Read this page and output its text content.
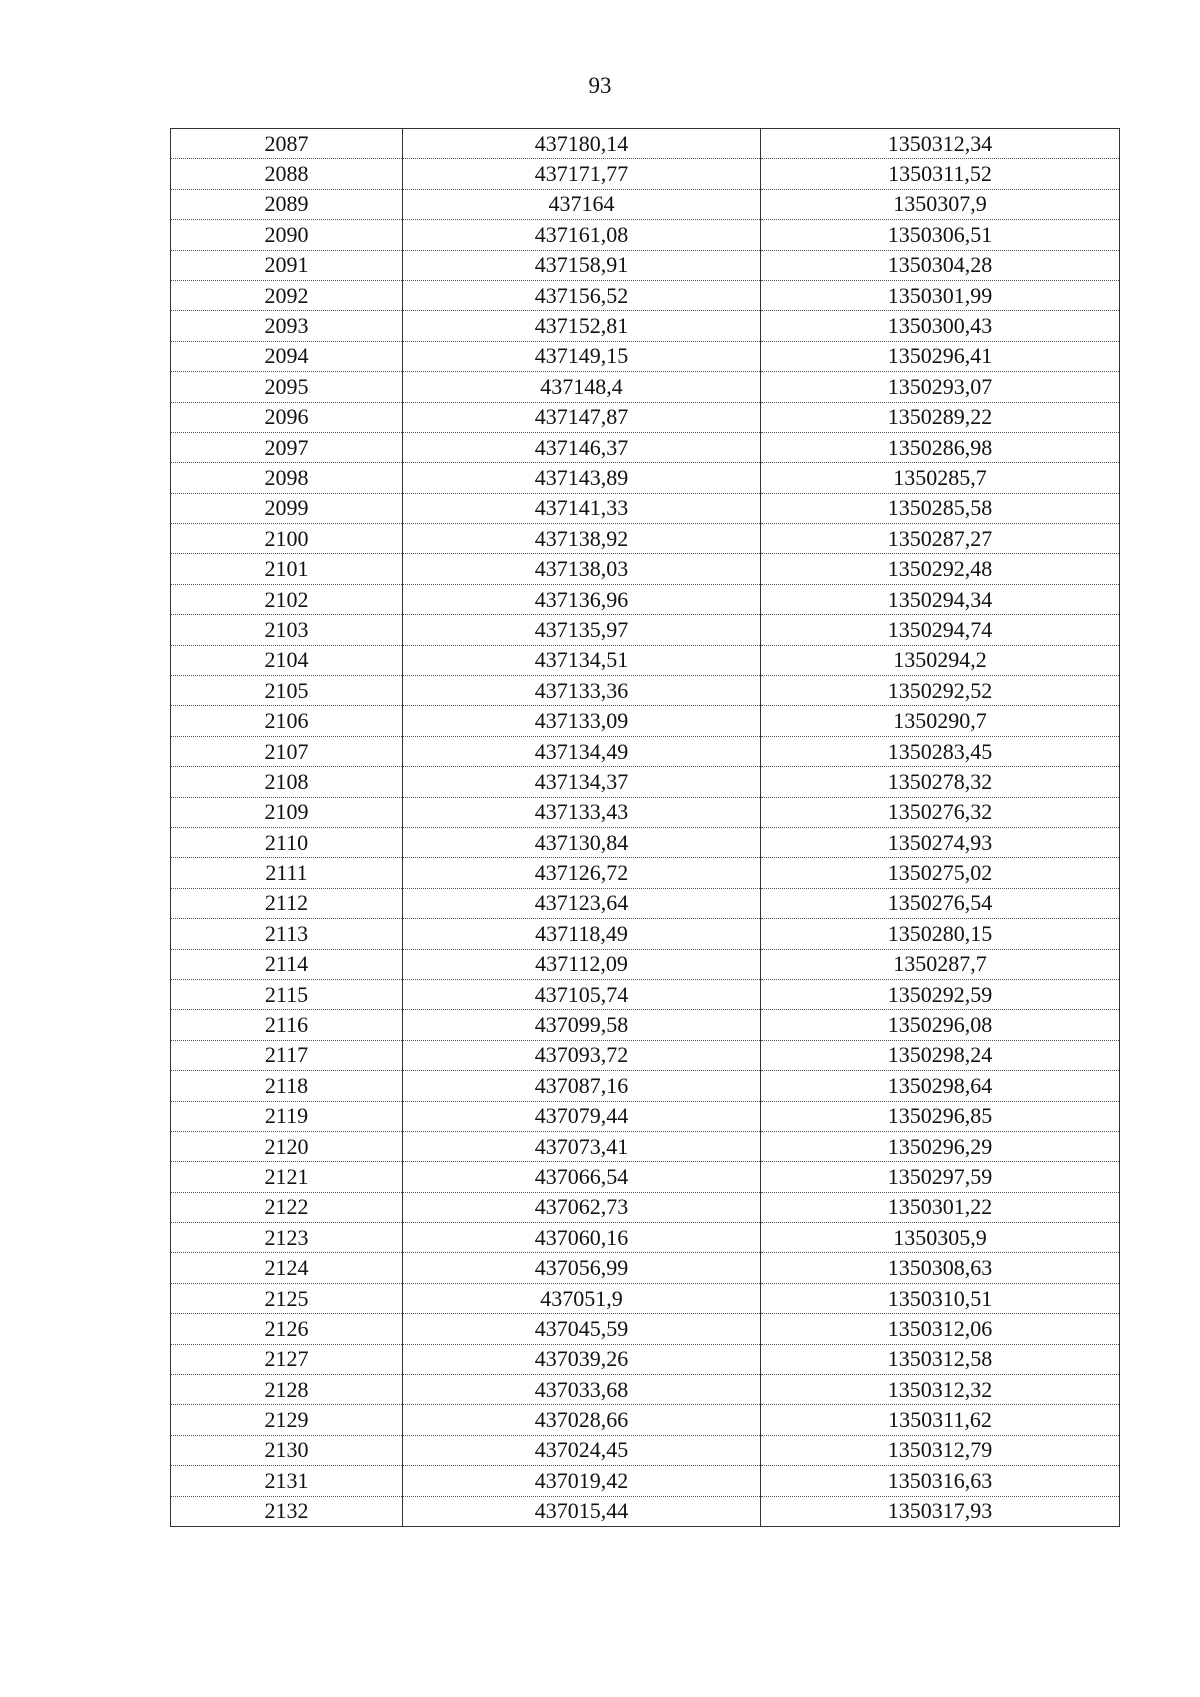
93
2087	437180,14	1350312,34
2088	437171,77	1350311,52
2089	437164	1350307,9
2090	437161,08	1350306,51
2091	437158,91	1350304,28
2092	437156,52	1350301,99
2093	437152,81	1350300,43
2094	437149,15	1350296,41
2095	437148,4	1350293,07
2096	437147,87	1350289,22
2097	437146,37	1350286,98
2098	437143,89	1350285,7
2099	437141,33	1350285,58
2100	437138,92	1350287,27
2101	437138,03	1350292,48
2102	437136,96	1350294,34
2103	437135,97	1350294,74
2104	437134,51	1350294,2
2105	437133,36	1350292,52
2106	437133,09	1350290,7
2107	437134,49	1350283,45
2108	437134,37	1350278,32
2109	437133,43	1350276,32
2110	437130,84	1350274,93
2111	437126,72	1350275,02
2112	437123,64	1350276,54
2113	437118,49	1350280,15
2114	437112,09	1350287,7
2115	437105,74	1350292,59
2116	437099,58	1350296,08
2117	437093,72	1350298,24
2118	437087,16	1350298,64
2119	437079,44	1350296,85
2120	437073,41	1350296,29
2121	437066,54	1350297,59
2122	437062,73	1350301,22
2123	437060,16	1350305,9
2124	437056,99	1350308,63
2125	437051,9	1350310,51
2126	437045,59	1350312,06
2127	437039,26	1350312,58
2128	437033,68	1350312,32
2129	437028,66	1350311,62
2130	437024,45	1350312,79
2131	437019,42	1350316,63
2132	437015,44	1350317,93
